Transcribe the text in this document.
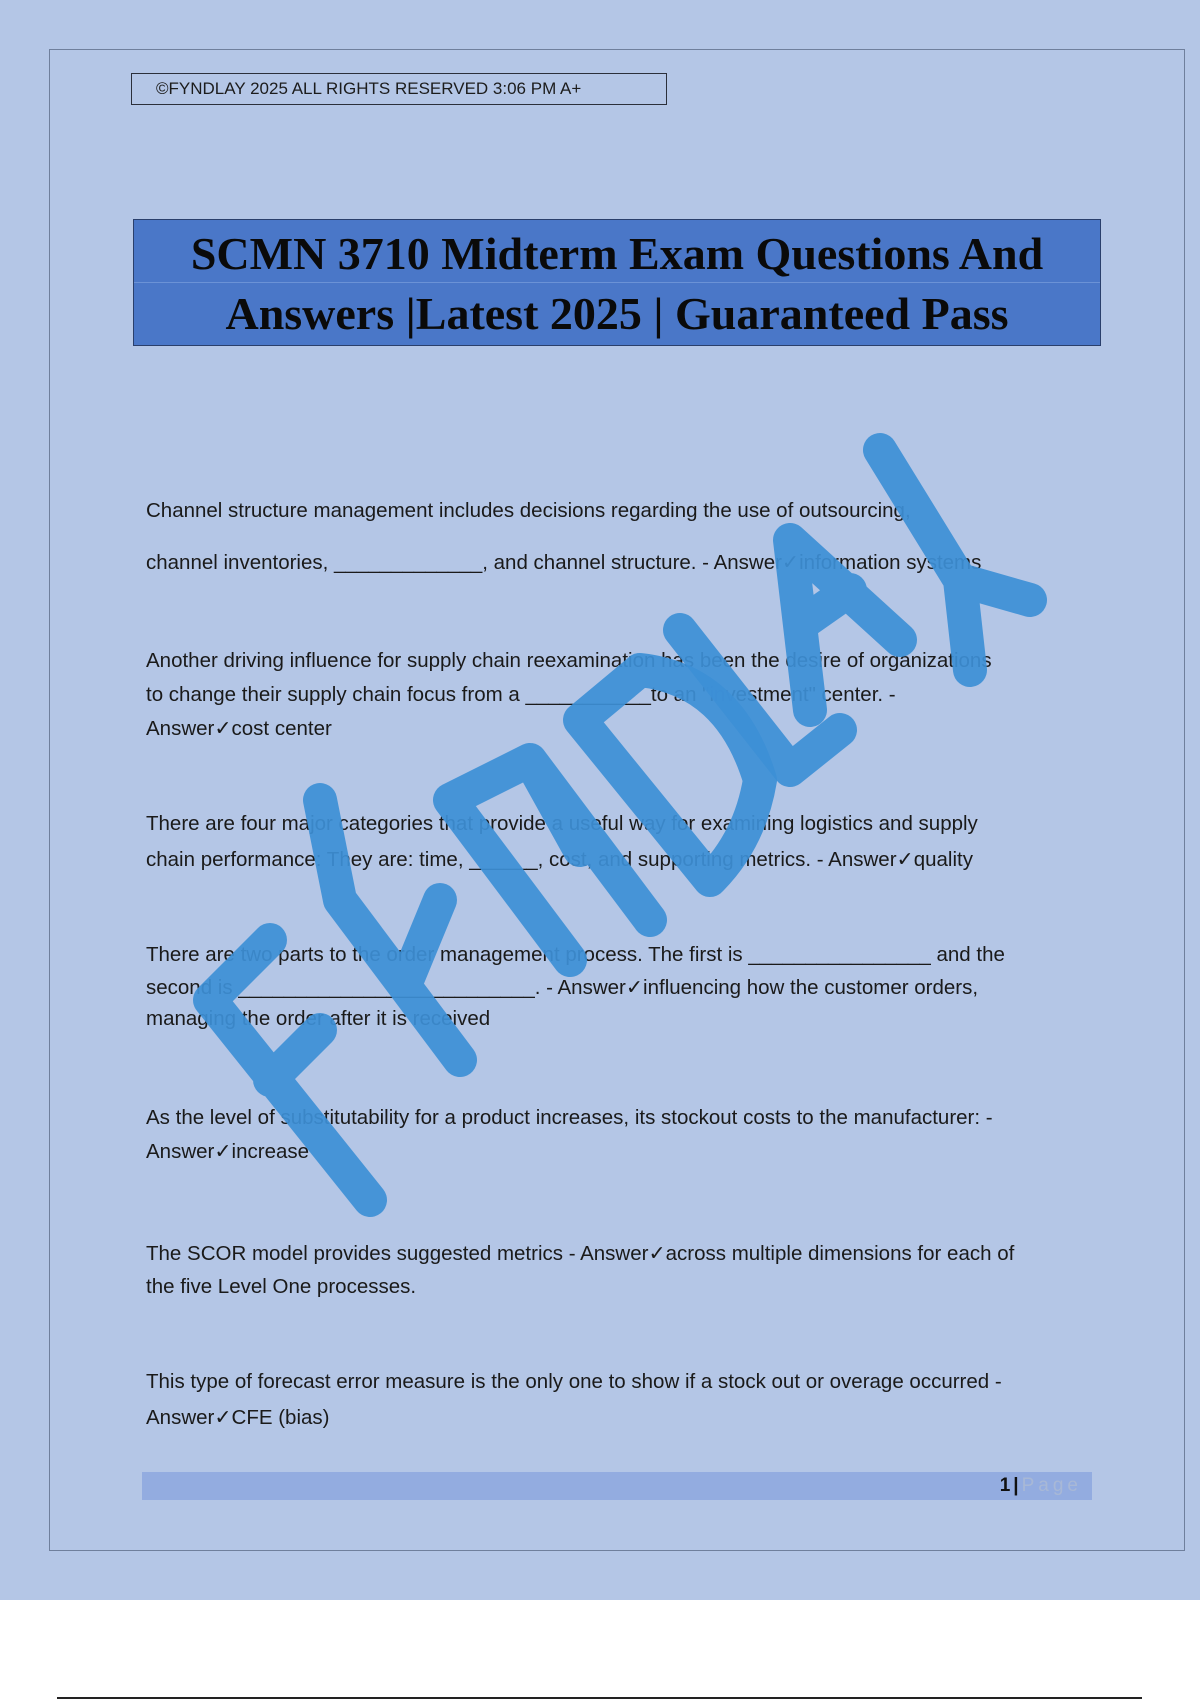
©FYNDLAY 2025 ALL RIGHTS RESERVED 3:06 PM A+
SCMN 3710 Midterm Exam Questions And
Answers |Latest 2025 | Guaranteed Pass
Channel structure management includes decisions regarding the use of outsourcing,
channel inventories, _____________, and channel structure. - Answer✓information systems
Another driving influence for supply chain reexamination has been the desire of organizations
to change their supply chain focus from a ___________to an "investment" center. -
Answer✓cost center
There are four major categories that provide a useful way for examining logistics and supply
chain performance: They are: time, ______, cost, and supporting metrics. - Answer✓quality
There are two parts to the order management process. The first is ________________ and the
second is __________________________. - Answer✓influencing how the customer orders,
managing the order after it is received
As the level of substitutability for a product increases, its stockout costs to the manufacturer: -
Answer✓increase
The SCOR model provides suggested metrics - Answer✓across multiple dimensions for each of
the five Level One processes.
This type of forecast error measure is the only one to show if a stock out or overage occurred -
Answer✓CFE (bias)
1 | Page
